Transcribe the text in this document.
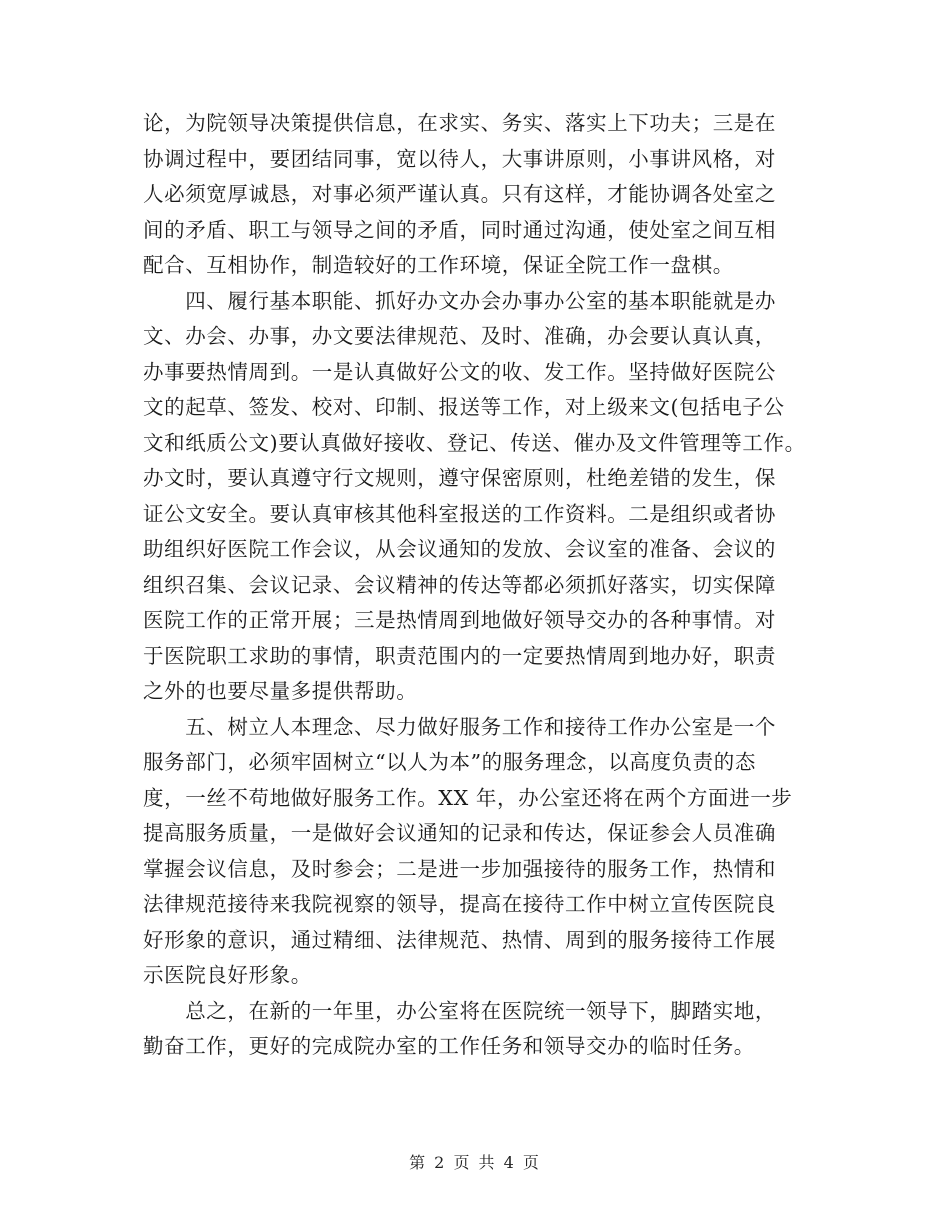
论，为院领导决策提供信息，在求实、务实、落实上下功夫；三是在
协调过程中，要团结同事，宽以待人，大事讲原则，小事讲风格，对
人必须宽厚诚恳，对事必须严谨认真。只有这样，才能协调各处室之
间的矛盾、职工与领导之间的矛盾，同时通过沟通，使处室之间互相
配合、互相协作，制造较好的工作环境，保证全院工作一盘棋。
　　四、履行基本职能、抓好办文办会办事办公室的基本职能就是办
文、办会、办事，办文要法律规范、及时、准确，办会要认真认真，
办事要热情周到。一是认真做好公文的收、发工作。坚持做好医院公
文的起草、签发、校对、印制、报送等工作，对上级来文(包括电子公
文和纸质公文)要认真做好接收、登记、传送、催办及文件管理等工作。
办文时，要认真遵守行文规则，遵守保密原则，杜绝差错的发生，保
证公文安全。要认真审核其他科室报送的工作资料。二是组织或者协
助组织好医院工作会议，从会议通知的发放、会议室的准备、会议的
组织召集、会议记录、会议精神的传达等都必须抓好落实，切实保障
医院工作的正常开展；三是热情周到地做好领导交办的各种事情。对
于医院职工求助的事情，职责范围内的一定要热情周到地办好，职责
之外的也要尽量多提供帮助。
　　五、树立人本理念、尽力做好服务工作和接待工作办公室是一个
服务部门，必须牢固树立“以人为本”的服务理念，以高度负责的态
度，一丝不苟地做好服务工作。XX 年，办公室还将在两个方面进一步
提高服务质量，一是做好会议通知的记录和传达，保证参会人员准确
掌握会议信息，及时参会；二是进一步加强接待的服务工作，热情和
法律规范接待来我院视察的领导，提高在接待工作中树立宣传医院良
好形象的意识，通过精细、法律规范、热情、周到的服务接待工作展
示医院良好形象。
　　总之，在新的一年里，办公室将在医院统一领导下，脚踏实地，
勤奋工作，更好的完成院办室的工作任务和领导交办的临时任务。
第 2 页 共 4 页
